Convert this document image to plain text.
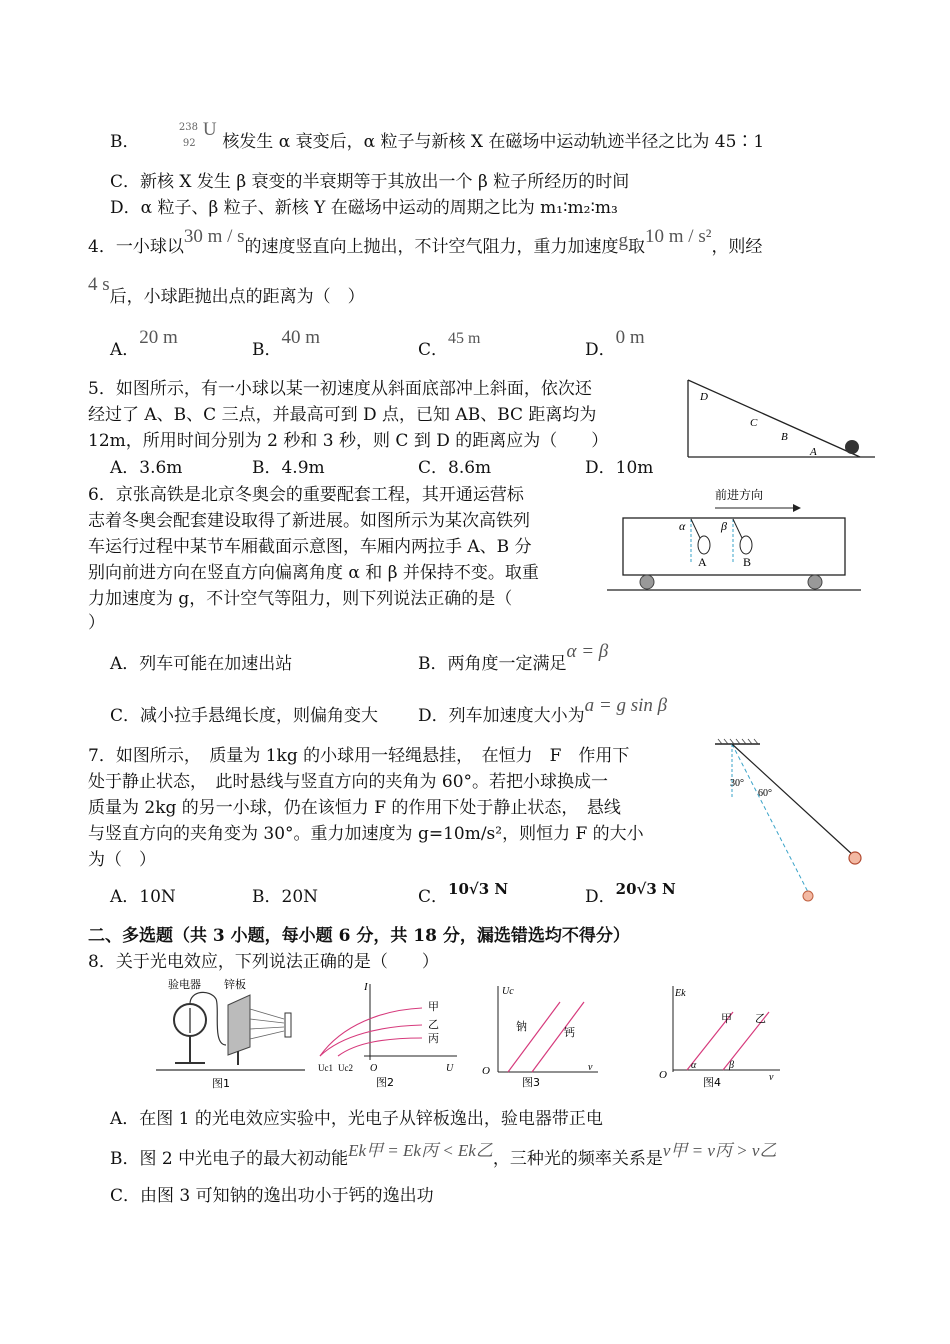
B．
238
92
U
核发生 α 衰变后，α 粒子与新核 X 在磁场中运动轨迹半径之比为 45∶1
C．新核 X 发生 β 衰变的半衰期等于其放出一个 β 粒子所经历的时间
D．α 粒子、β 粒子、新核 Y 在磁场中运动的周期之比为 m₁∶m₂∶m₃
4．一小球以30 m / s的速度竖直向上抛出，不计空气阻力，重力加速度g取10 m / s²，则经
4 s后，小球距抛出点的距离为（　）
A．20 m
B．40 m
C．45 m
D．0 m
5．如图所示，有一小球以某一初速度从斜面底部冲上斜面，依次还
经过了 A、B、C 三点，并最高可到 D 点，已知 AB、BC 距离均为
12m，所用时间分别为 2 秒和 3 秒，则 C 到 D 的距离应为（　　）
A．3.6m	B．4.9m	C．8.6m	D．10m
D
C
B
A
6．京张高铁是北京冬奥会的重要配套工程，其开通运营标
志着冬奥会配套建设取得了新进展。如图所示为某次高铁列
车运行过程中某节车厢截面示意图，车厢内两拉手 A、B 分
别向前进方向在竖直方向偏离角度 α 和 β 并保持不变。取重
力加速度为 g，不计空气等阻力，则下列说法正确的是（
）
A．列车可能在加速出站	B．两角度一定满足α = β
C．减小拉手悬绳长度，则偏角变大 D．列车加速度大小为a = g sin β
前进方向
α	β
A	B
7．如图所示，　质量为 1kg 的小球用一轻绳悬挂，　在恒力　F　作用下
处于静止状态，　此时悬线与竖直方向的夹角为 60°。若把小球换成一
质量为 2kg 的另一小球，仍在该恒力 F 的作用下处于静止状态，　悬线
与竖直方向的夹角变为 30°。重力加速度为 g=10m/s²，则恒力 F 的大小
为（　）
A．10N	B．20N	C．10√3 N	D．20√3 N
30°
60°
二、多选题（共 3 小题，每小题 6 分，共 18 分，漏选错选均不得分）
8．关于光电效应，下列说法正确的是（　　）
验电器 锌板
图1
I
甲
乙
丙
Uc1 Uc2 O	U
图2
Uc
钠	钙
O	v
图3
Ek
甲 乙
α	β
O	v
图4
A．在图 1 的光电效应实验中，光电子从锌板逸出，验电器带正电
B．图 2 中光电子的最大初动能Ek甲 = Ek丙 < Ek乙，三种光的频率关系是ν甲 = ν丙 > ν乙
C．由图 3 可知钠的逸出功小于钙的逸出功
